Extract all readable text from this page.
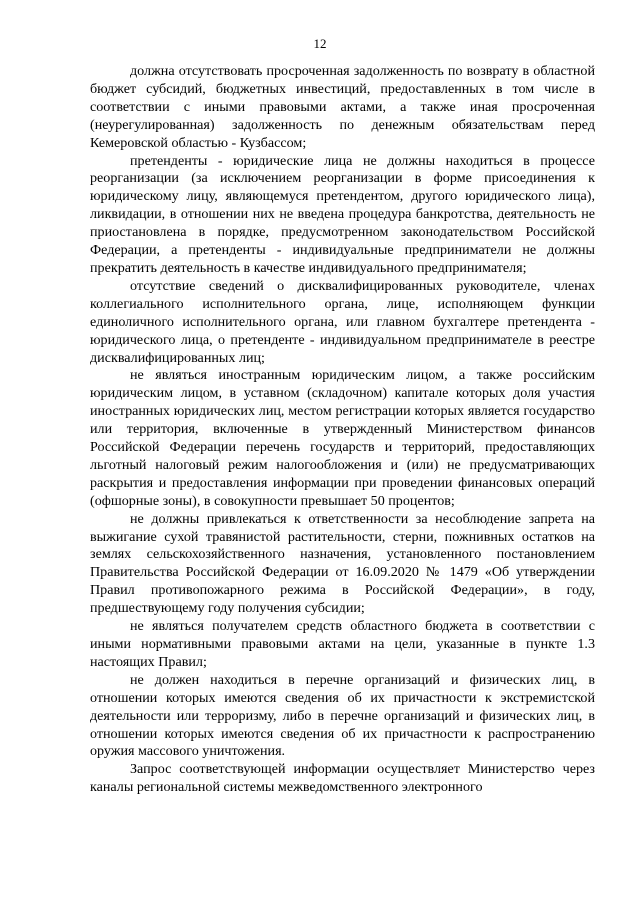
12

должна отсутствовать просроченная задолженность по возврату в областной бюджет субсидий, бюджетных инвестиций, предоставленных в том числе в соответствии с иными правовыми актами, а также иная просроченная (неурегулированная) задолженность по денежным обязательствам перед Кемеровской областью - Кузбассом;

претенденты - юридические лица не должны находиться в процессе реорганизации (за исключением реорганизации в форме присоединения к юридическому лицу, являющемуся претендентом, другого юридического лица), ликвидации, в отношении них не введена процедура банкротства, деятельность не приостановлена в порядке, предусмотренном законодательством Российской Федерации, а претенденты - индивидуальные предприниматели не должны прекратить деятельность в качестве индивидуального предпринимателя;

отсутствие сведений о дисквалифицированных руководителе, членах коллегиального исполнительного органа, лице, исполняющем функции единоличного исполнительного органа, или главном бухгалтере претендента - юридического лица, о претенденте - индивидуальном предпринимателе в реестре дисквалифицированных лиц;

не являться иностранным юридическим лицом, а также российским юридическим лицом, в уставном (складочном) капитале которых доля участия иностранных юридических лиц, местом регистрации которых является государство или территория, включенные в утвержденный Министерством финансов Российской Федерации перечень государств и территорий, предоставляющих льготный налоговый режим налогообложения и (или) не предусматривающих раскрытия и предоставления информации при проведении финансовых операций (офшорные зоны), в совокупности превышает 50 процентов;

не должны привлекаться к ответственности за несоблюдение запрета на выжигание сухой травянистой растительности, стерни, пожнивных остатков на землях сельскохозяйственного назначения, установленного постановлением Правительства Российской Федерации от 16.09.2020 № 1479 «Об утверждении Правил противопожарного режима в Российской Федерации», в году, предшествующему году получения субсидии;

не являться получателем средств областного бюджета в соответствии с иными нормативными правовыми актами на цели, указанные в пункте 1.3 настоящих Правил;

не должен находиться в перечне организаций и физических лиц, в отношении которых имеются сведения об их причастности к экстремистской деятельности или терроризму, либо в перечне организаций и физических лиц, в отношении которых имеются сведения об их причастности к распространению оружия массового уничтожения.

Запрос соответствующей информации осуществляет Министерство через каналы региональной системы межведомственного электронного
